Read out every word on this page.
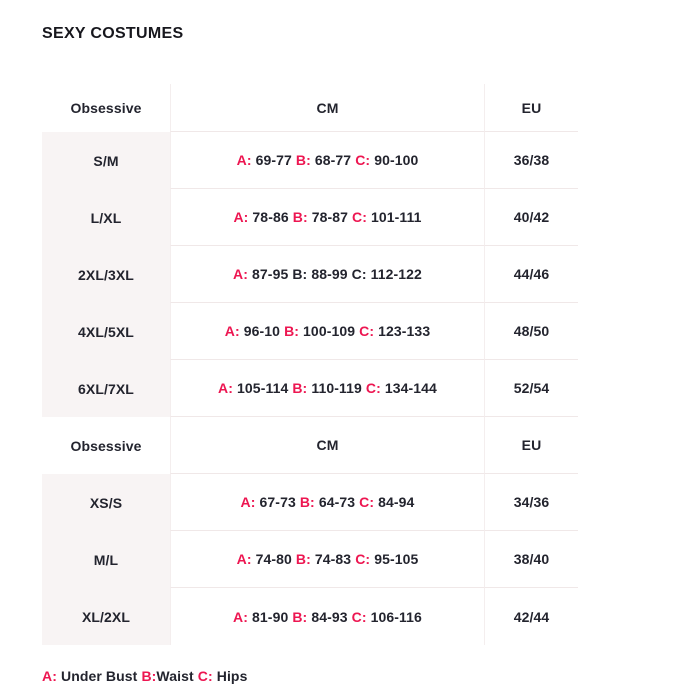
SEXY COSTUMES
Obsessive	CM	EU
S/M	A: 69-77 B: 68-77 C: 90-100	36/38
L/XL	A: 78-86 B: 78-87 C: 101-111	40/42
2XL/3XL	A: 87-95 B: 88-99 C: 112-122	44/46
4XL/5XL	A: 96-10 B: 100-109 C: 123-133	48/50
6XL/7XL	A: 105-114 B: 110-119 C: 134-144	52/54
Obsessive	CM	EU
XS/S	A: 67-73 B: 64-73 C: 84-94	34/36
M/L	A: 74-80 B: 74-83 C: 95-105	38/40
XL/2XL	A: 81-90 B: 84-93 C: 106-116	42/44
A: Under Bust B:Waist C: Hips
